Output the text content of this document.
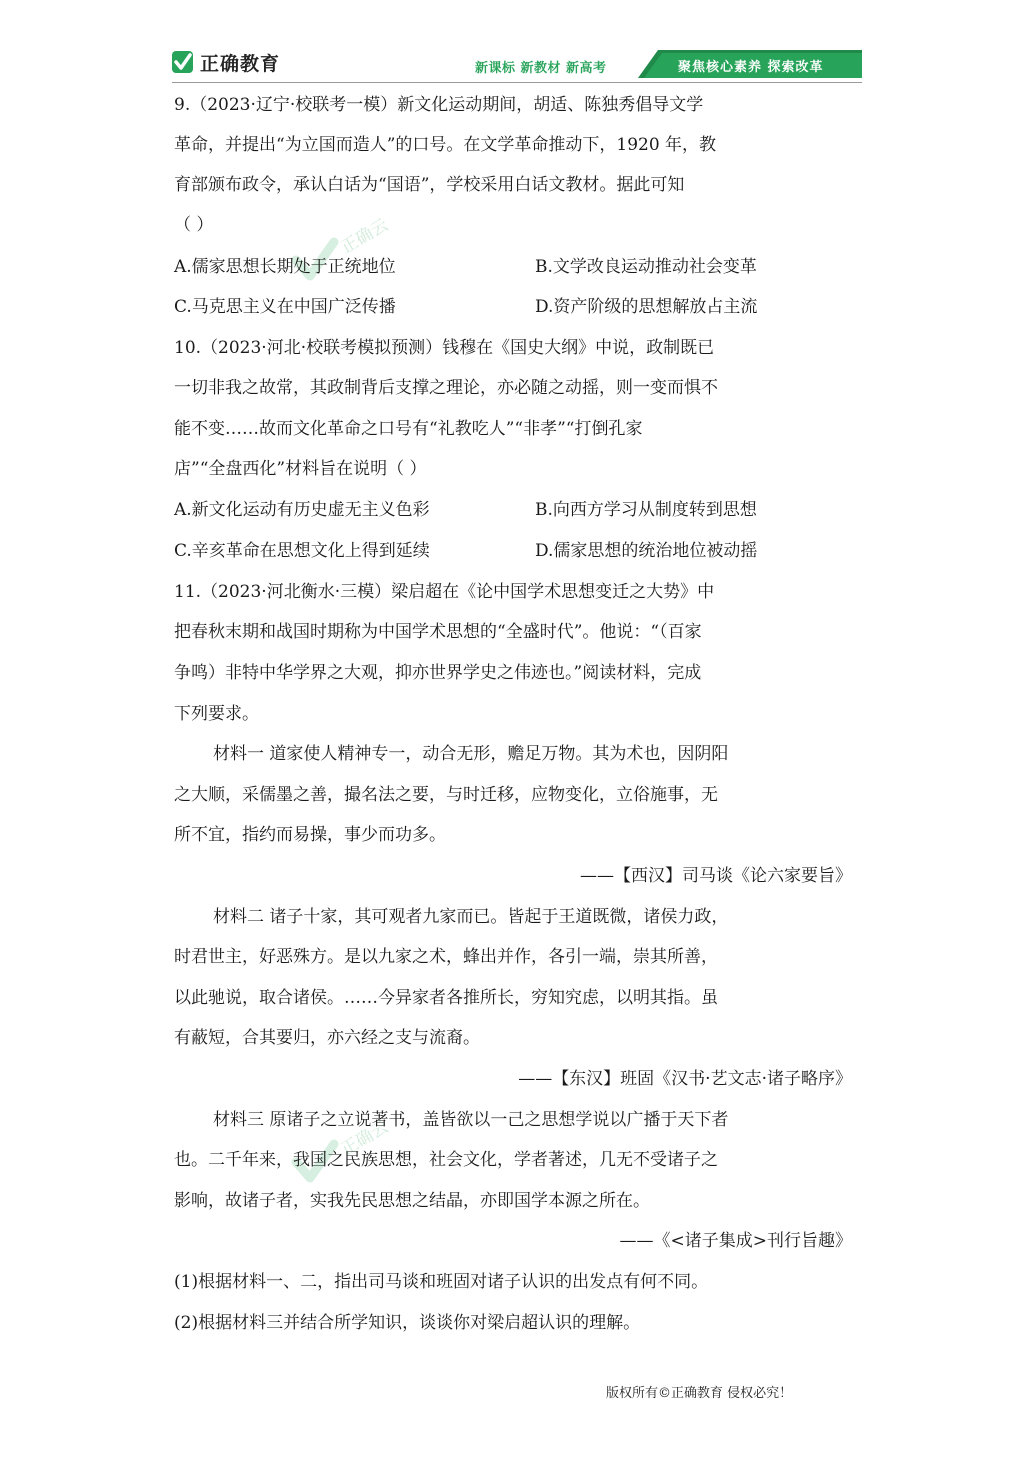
正确教育	新课标 新教材 新高考	聚焦核心素养 探索改革
正确云
正确云
9.（2023·辽宁·校联考一模）新文化运动期间，胡适、陈独秀倡导文学
革命，并提出“为立国而造人”的口号。在文学革命推动下，1920 年，教
育部颁布政令，承认白话为“国语”，学校采用白话文教材。据此可知
（ ）
A.儒家思想长期处于正统地位	B.文学改良运动推动社会变革
C.马克思主义在中国广泛传播	D.资产阶级的思想解放占主流
10.（2023·河北·校联考模拟预测）钱穆在《国史大纲》中说，政制既已
一切非我之故常，其政制背后支撑之理论，亦必随之动摇，则一变而惧不
能不变……故而文化革命之口号有“礼教吃人”“非孝”“打倒孔家
店”“全盘西化”材料旨在说明（ ）
A.新文化运动有历史虚无主义色彩	B.向西方学习从制度转到思想
C.辛亥革命在思想文化上得到延续	D.儒家思想的统治地位被动摇
11.（2023·河北衡水·三模）梁启超在《论中国学术思想变迁之大势》中
把春秋末期和战国时期称为中国学术思想的“全盛时代”。他说：“（百家
争鸣）非特中华学界之大观，抑亦世界学史之伟迹也。”阅读材料，完成
下列要求。
材料一 道家使人精神专一，动合无形，赡足万物。其为术也，因阴阳
之大顺，采儒墨之善，撮名法之要，与时迁移，应物变化，立俗施事，无
所不宜，指约而易操，事少而功多。
——【西汉】司马谈《论六家要旨》
材料二 诸子十家，其可观者九家而已。皆起于王道既微，诸侯力政，
时君世主，好恶殊方。是以九家之术，蜂出并作，各引一端，崇其所善，
以此驰说，取合诸侯。……今异家者各推所长，穷知究虑，以明其指。虽
有蔽短，合其要归，亦六经之支与流裔。
——【东汉】班固《汉书·艺文志·诸子略序》
材料三 原诸子之立说著书，盖皆欲以一己之思想学说以广播于天下者
也。二千年来，我国之民族思想，社会文化，学者著述，几无不受诸子之
影响，故诸子者，实我先民思想之结晶，亦即国学本源之所在。
——《<诸子集成>刊行旨趣》
(1)根据材料一、二，指出司马谈和班固对诸子认识的出发点有何不同。
(2)根据材料三并结合所学知识，谈谈你对梁启超认识的理解。
版权所有©正确教育 侵权必究！
